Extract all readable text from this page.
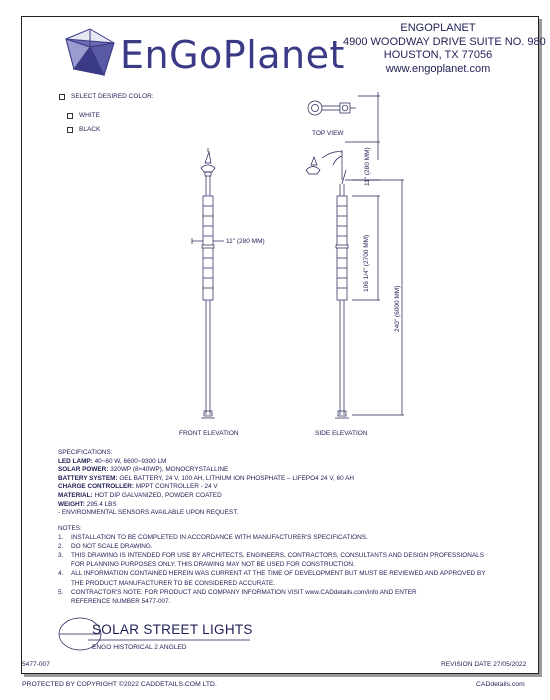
EnGoPlanet
ENGOPLANET
4900 WOODWAY DRIVE SUITE NO. 980
HOUSTON, TX 77056
www.engoplanet.com
SELECT DESIRED COLOR:
WHITE
BLACK
TOP VIEW
FRONT ELEVATION	SIDE ELEVATION
11" (280 MM)
11" (280 MM)
106 1/4" (2700 MM)
240" (6000 MM)
SPECIFICATIONS:
LED LAMP: 40~60 W, 6600~9300 LM
SOLAR POWER: 320WP (8×40WP), MONOCRYSTALLINE
BATTERY SYSTEM: GEL BATTERY, 24 V, 100 AH, LITHIUM ION PHOSPHATE – LIFEPO4 24 V, 60 AH
CHARGE CONTROLLER: MPPT CONTROLLER - 24 V
MATERIAL: HOT DIP GALVANIZED, POWDER COATED
WEIGHT: 295.4 LBS
- ENVIRONMENTAL SENSORS AVAILABLE UPON REQUEST.
NOTES:
1.	INSTALLATION TO BE COMPLETED IN ACCORDANCE WITH MANUFACTURER'S SPECIFICATIONS.
2.	DO NOT SCALE DRAWING.
3.	THIS DRAWING IS INTENDED FOR USE BY ARCHITECTS, ENGINEERS, CONTRACTORS, CONSULTANTS AND DESIGN PROFESSIONALS
FOR PLANNING PURPOSES ONLY. THIS DRAWING MAY NOT BE USED FOR CONSTRUCTION.
4.	ALL INFORMATION CONTAINED HEREIN WAS CURRENT AT THE TIME OF DEVELOPMENT BUT MUST BE REVIEWED AND APPROVED BY
THE PRODUCT MANUFACTURER TO BE CONSIDERED ACCURATE.
5.	CONTRACTOR'S NOTE: FOR PRODUCT AND COMPANY INFORMATION VISIT www.CADdetails.com/info AND ENTER
REFERENCE NUMBER 5477-007.
SOLAR STREET LIGHTS
ENGO HISTORICAL 2 ANGLED
5477-007	REVISION DATE 27/05/2022
PROTECTED BY COPYRIGHT ©2022 CADDETAILS.COM LTD.	CADdetails.com
